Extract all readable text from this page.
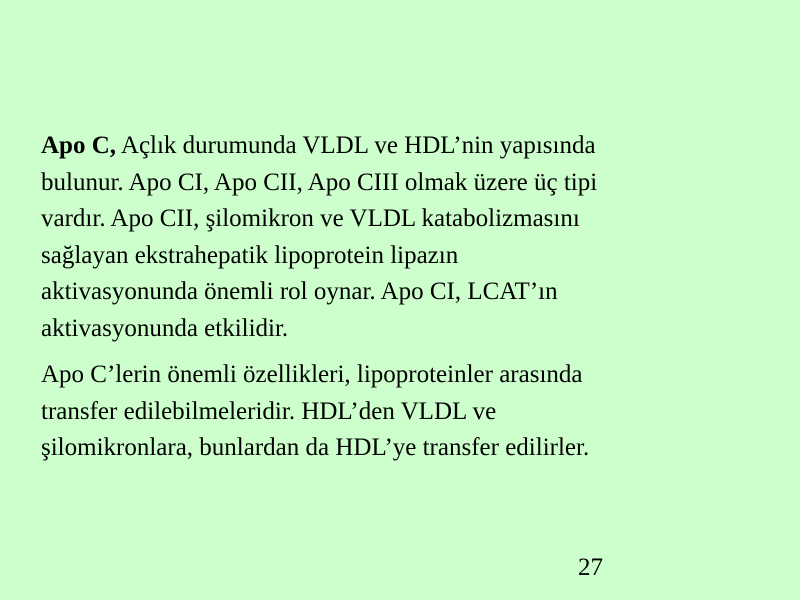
Apo C, Açlık durumunda VLDL ve HDL’nin yapısında
bulunur. Apo CI, Apo CII, Apo CIII olmak üzere üç tipi
vardır. Apo CII, şilomikron ve VLDL katabolizmasını
sağlayan ekstrahepatik lipoprotein lipazın
aktivasyonunda önemli rol oynar. Apo CI, LCAT’ın
aktivasyonunda etkilidir.

Apo C’lerin önemli özellikleri, lipoproteinler arasında
transfer edilebilmeleridir. HDL’den VLDL ve
şilomikronlara, bunlardan da HDL’ye transfer edilirler.

27
